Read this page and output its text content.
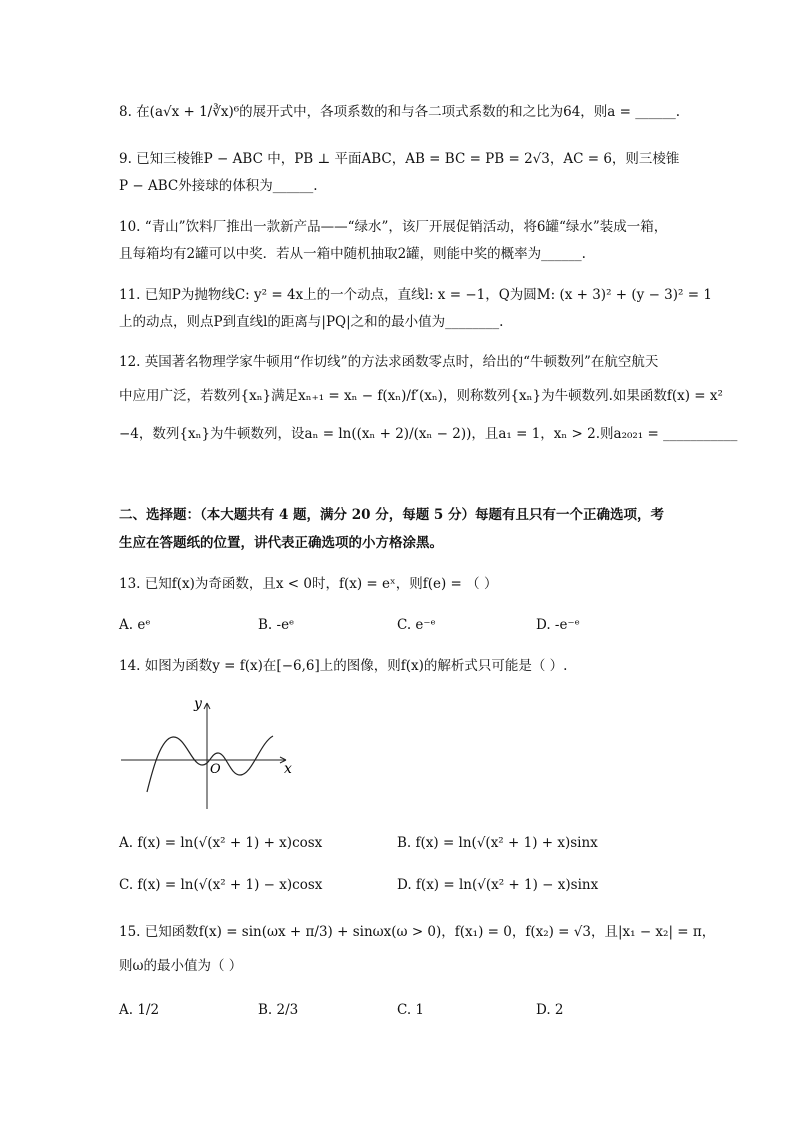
8. 在(a√x + 1/∛x)⁶的展开式中，各项系数的和与各二项式系数的和之比为64，则a = ______.
9. 已知三棱锥P − ABC 中，PB ⊥ 平面ABC，AB = BC = PB = 2√3，AC = 6，则三棱锥
P − ABC外接球的体积为______.
10. “青山”饮料厂推出一款新产品——“绿水”，该厂开展促销活动，将6罐“绿水”装成一箱，
且每箱均有2罐可以中奖．若从一箱中随机抽取2罐，则能中奖的概率为______.
11. 已知P为抛物线C: y² = 4x上的一个动点，直线l: x = −1，Q为圆M: (x + 3)² + (y − 3)² = 1
上的动点，则点P到直线l的距离与|PQ|之和的最小值为________.
12. 英国著名物理学家牛顿用“作切线”的方法求函数零点时，给出的“牛顿数列”在航空航天
中应用广泛，若数列{xₙ}满足xₙ₊₁ = xₙ − f(xₙ)/f′(xₙ)，则称数列{xₙ}为牛顿数列.如果函数f(x) = x²
−4，数列{xₙ}为牛顿数列，设aₙ = ln((xₙ + 2)/(xₙ − 2))，且a₁ = 1，xₙ > 2.则a₂₀₂₁ = ___________
二、选择题：（本大题共有 4 题，满分 20 分，每题 5 分）每题有且只有一个正确选项，考
生应在答题纸的位置，讲代表正确选项的小方格涂黑。
13. 已知f(x)为奇函数，且x < 0时，f(x) = eˣ，则f(e) = （ ）
A. eᵉ	B. -eᵉ	C. e⁻ᵉ	D. -e⁻ᵉ
14. 如图为函数y = f(x)在[−6,6]上的图像，则f(x)的解析式只可能是（ ）.
y
x
O
A. f(x) = ln(√(x² + 1) + x)cosx	B. f(x) = ln(√(x² + 1) + x)sinx
C. f(x) = ln(√(x² + 1) − x)cosx	D. f(x) = ln(√(x² + 1) − x)sinx
15. 已知函数f(x) = sin(ωx + π/3) + sinωx(ω > 0)，f(x₁) = 0，f(x₂) = √3，且|x₁ − x₂| = π，
则ω的最小值为（ ）
A. 1/2	B. 2/3	C. 1	D. 2
